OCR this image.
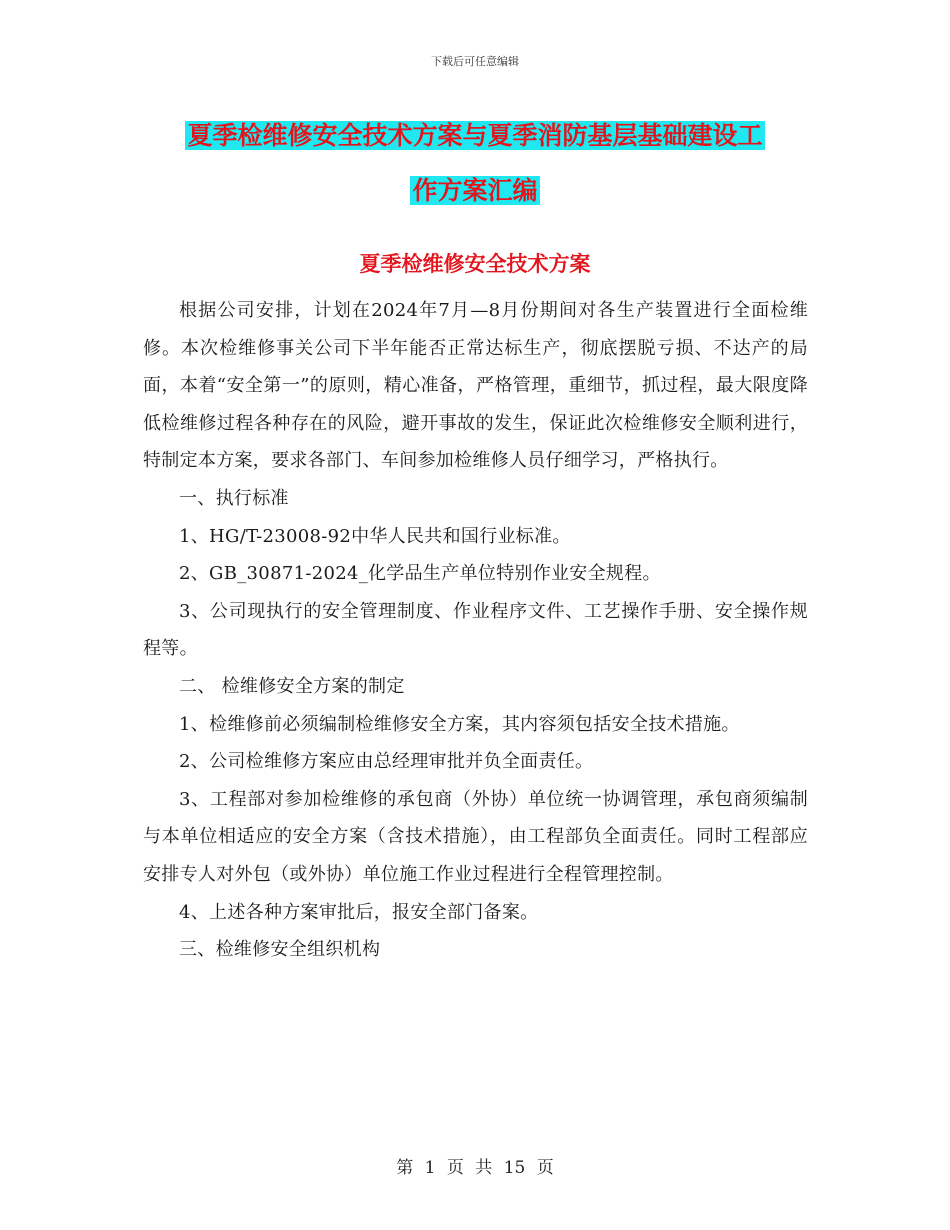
下载后可任意编辑
夏季检维修安全技术方案与夏季消防基层基础建设工
作方案汇编
夏季检维修安全技术方案

根据公司安排，计划在2024年7月—8月份期间对各生产装置进行全面检维修。本次检维修事关公司下半年能否正常达标生产，彻底摆脱亏损、不达产的局面，本着“安全第一”的原则，精心准备，严格管理，重细节，抓过程，最大限度降低检维修过程各种存在的风险，避开事故的发生，保证此次检维修安全顺利进行，特制定本方案，要求各部门、车间参加检维修人员仔细学习，严格执行。

一、执行标准

1、HG/T-23008-92中华人民共和国行业标准。

2、GB_30871-2024_化学品生产单位特别作业安全规程。

3、公司现执行的安全管理制度、作业程序文件、工艺操作手册、安全操作规程等。

二、 检维修安全方案的制定

1、检维修前必须编制检维修安全方案，其内容须包括安全技术措施。

2、公司检维修方案应由总经理审批并负全面责任。

3、工程部对参加检维修的承包商（外协）单位统一协调管理，承包商须编制与本单位相适应的安全方案（含技术措施），由工程部负全面责任。同时工程部应安排专人对外包（或外协）单位施工作业过程进行全程管理控制。

4、上述各种方案审批后，报安全部门备案。

三、检维修安全组织机构

第 1 页 共 15 页
